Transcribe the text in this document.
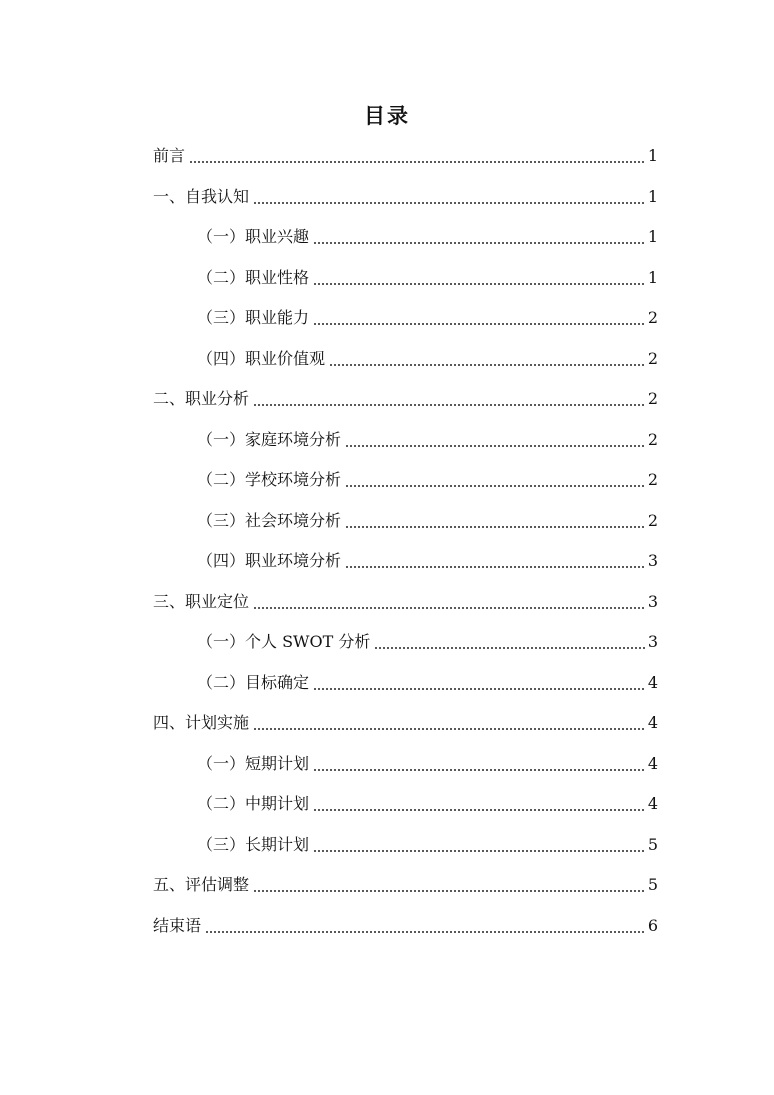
目录
前言	1
一、自我认知	1
（一）职业兴趣	1
（二）职业性格	1
（三）职业能力	2
（四）职业价值观	2
二、职业分析	2
（一）家庭环境分析	2
（二）学校环境分析	2
（三）社会环境分析	2
（四）职业环境分析	3
三、职业定位	3
（一）个人 SWOT 分析	3
（二）目标确定	4
四、计划实施	4
（一）短期计划	4
（二）中期计划	4
（三）长期计划	5
五、评估调整	5
结束语	6
